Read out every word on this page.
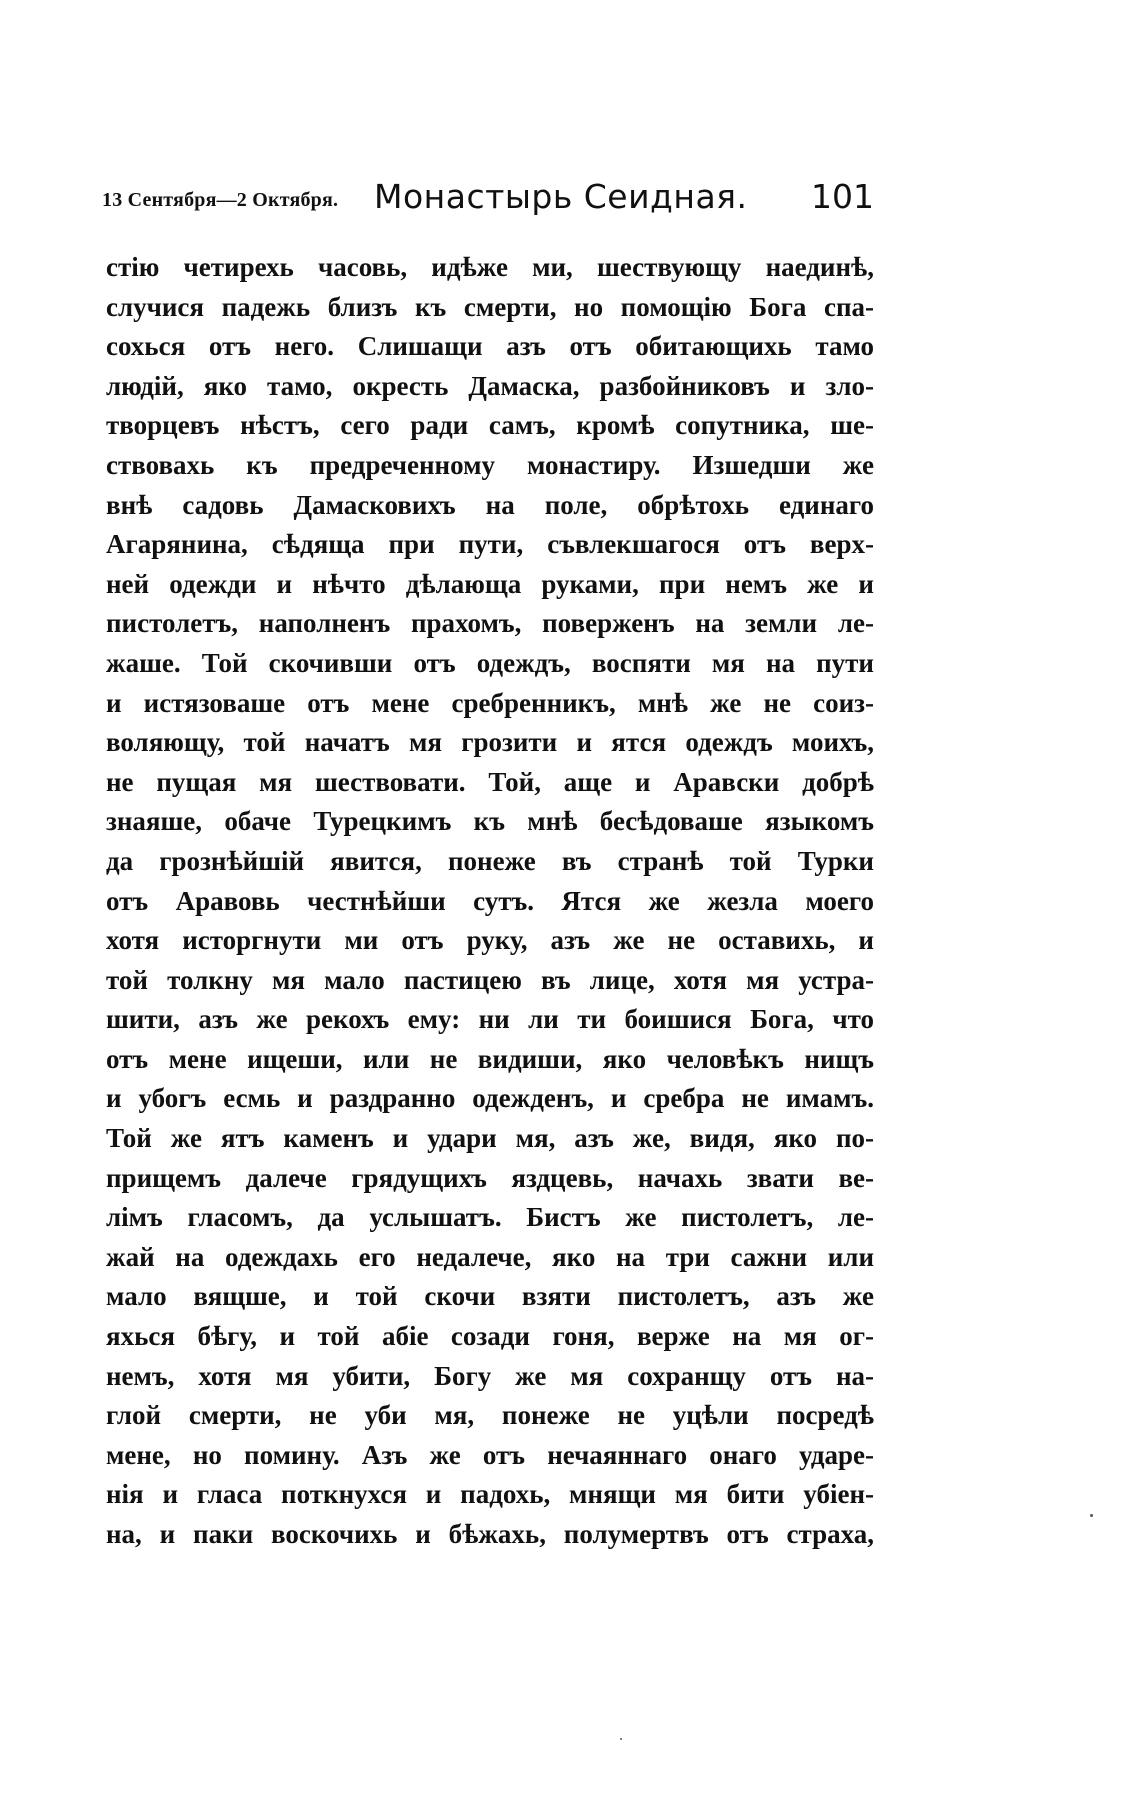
13 Сентября—2 Октября. Монастырь Сеидная. 101
стію четирехь часовь, идѣже ми, шествующу наединѣ,
случися падежь близъ къ смерти, но помощію Бога спа-
сохься отъ него. Слишащи азъ отъ обитающихь тамо
людій, яко тамо, окресть Дамаска, разбойниковъ и зло-
творцевъ нѣстъ, сего ради самъ, кромѣ сопутника, ше-
ствовахь къ предреченному монастиру. Изшедши же
внѣ садовь Дамасковихъ на поле, обрѣтохь единаго
Агарянина, сѣдяща при пути, съвлекшагося отъ верх-
ней одежди и нѣчто дѣлающа руками, при немъ же и
пистолетъ, наполненъ прахомъ, поверженъ на земли ле-
жаше. Той скочивши отъ одеждъ, воспяти мя на пути
и истязоваше отъ мене сребренникъ, мнѣ же не соиз-
воляющу, той начатъ мя грозити и ятся одеждъ моихъ,
не пущая мя шествовати. Той, аще и Аравски добрѣ
знаяше, обаче Турецкимъ къ мнѣ бесѣдоваше языкомъ
да грознѣйшій явится, понеже въ странѣ той Турки
отъ Аравовь честнѣйши сутъ. Ятся же жезла моего
хотя исторгнути ми отъ руку, азъ же не оставихь, и
той толкну мя мало пастицею въ лице, хотя мя устра-
шити, азъ же рекохъ ему: ни ли ти боишися Бога, что
отъ мене ищеши, или не видиши, яко человѣкъ нищъ
и убогъ есмь и раздранно одежденъ, и сребра не имамъ.
Той же ятъ каменъ и удари мя, азъ же, видя, яко по-
прищемъ далече грядущихъ яздцевь, начахь звати ве-
лімъ гласомъ, да услышатъ. Бистъ же пистолетъ, ле-
жай на одеждахь его недалече, яко на три сажни или
мало вящше, и той скочи взяти пистолетъ, азъ же
яхься бѣгу, и той абіе созади гоня, верже на мя ог-
немъ, хотя мя убити, Богу же мя сохранщу отъ на-
глой смерти, не уби мя, понеже не уцѣли посредѣ
мене, но помину. Азъ же отъ нечаяннаго онаго ударе-
нія и гласа поткнухся и падохь, мнящи мя бити убіен-
на, и паки воскочихь и бѣжахь, полумертвъ отъ страха,
